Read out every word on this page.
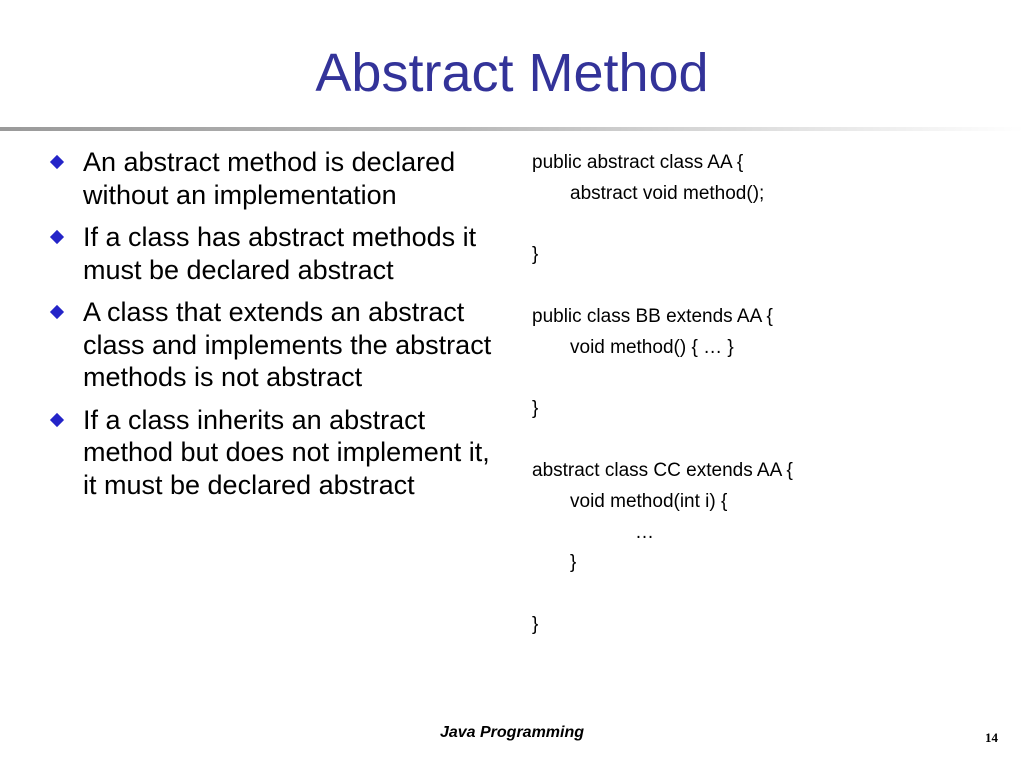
Abstract Method
An abstract method is declared without an implementation
If a class has abstract methods it must be declared abstract
A class that extends an abstract class and implements the abstract methods is not abstract
If a class inherits an abstract method but does not implement it, it must be declared abstract
public abstract class AA {
abstract void method();
}
public class BB extends AA {
void method() { … }
}
abstract class CC extends AA {
void method(int i) {
…
}
}
Java Programming	14
